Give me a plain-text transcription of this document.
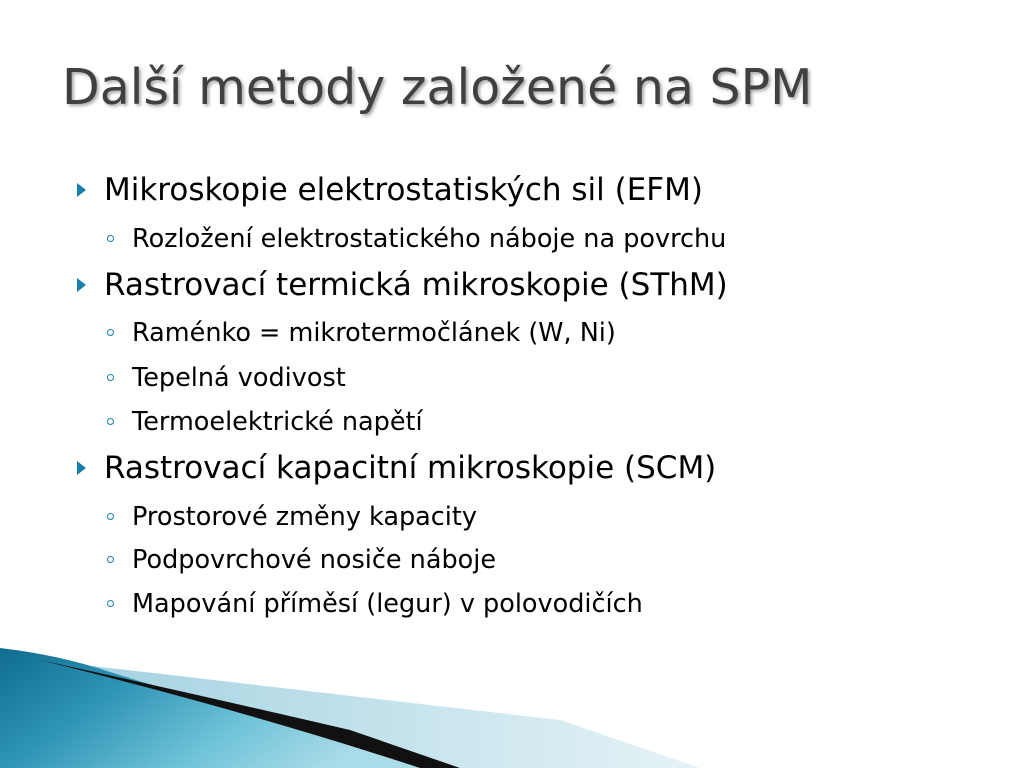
Další metody založené na SPM
Mikroskopie elektrostatiských sil (EFM)
Rozložení elektrostatického náboje na povrchu
Rastrovací termická mikroskopie (SThM)
Raménko = mikrotermočlánek (W, Ni)
Tepelná vodivost
Termoelektrické napětí
Rastrovací kapacitní mikroskopie (SCM)
Prostorové změny kapacity
Podpovrchové nosiče náboje
Mapování příměsí (legur) v polovodičích
